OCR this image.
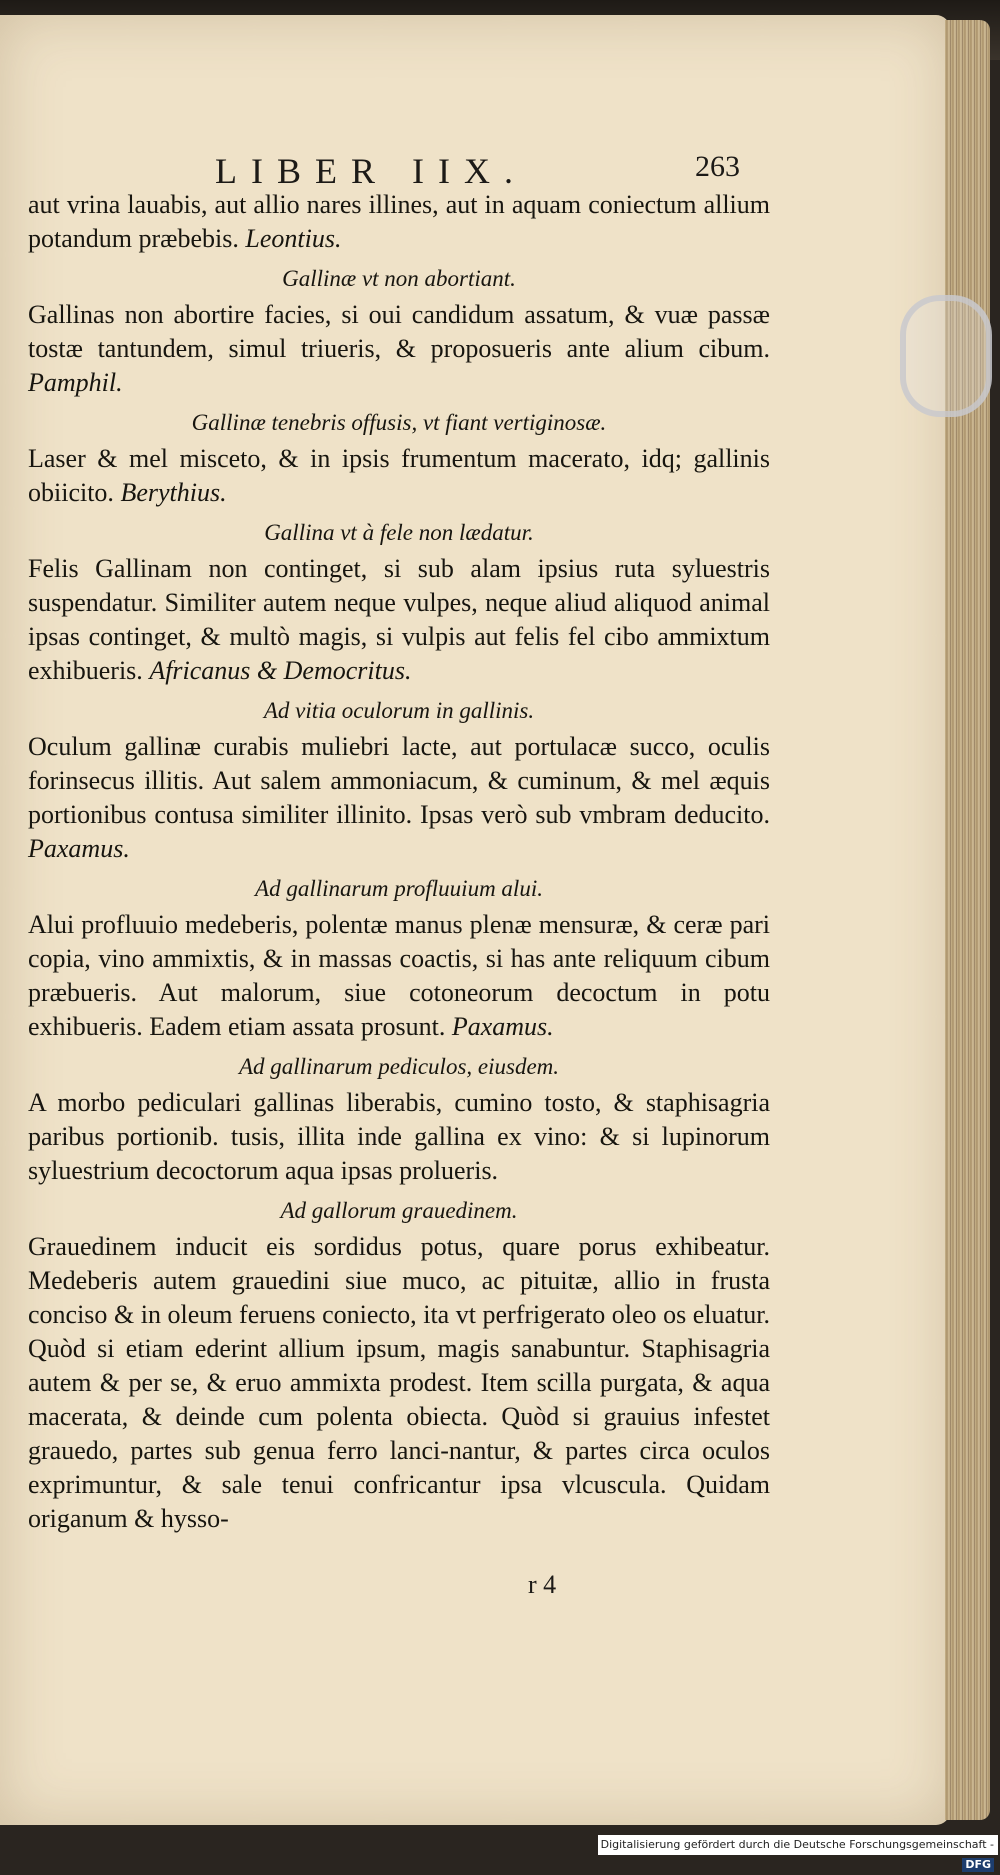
LIBER IIX.	263
aut vrina lauabis, aut allio nares illines, aut in aquam coniectum allium potandum præbebis. Leontius.
Gallinæ vt non abortiant.
Gallinas non abortire facies, si oui candidum assatum, & vuæ passæ tostæ tantundem, simul triueris, & proposueris ante alium cibum. Pamphil.
Gallinæ tenebris offusis, vt fiant vertiginosæ.
Laser & mel misceto, & in ipsis frumentum macerato, idq; gallinis obiicito. Berythius.
Gallina vt à fele non lædatur.
Felis Gallinam non continget, si sub alam ipsius ruta syluestris suspendatur. Similiter autem neque vulpes, neque aliud aliquod animal ipsas continget, & multò magis, si vulpis aut felis fel cibo ammixtum exhibueris. Africanus & Democritus.
Ad vitia oculorum in gallinis.
Oculum gallinæ curabis muliebri lacte, aut portulacæ succo, oculis forinsecus illitis. Aut salem ammoniacum, & cuminum, & mel æquis portionibus contusa similiter illinito. Ipsas verò sub vmbram deducito. Paxamus.
Ad gallinarum profluuium alui.
Alui profluuio medeberis, polentæ manus plenæ mensuræ, & ceræ pari copia, vino ammixtis, & in massas coactis, si has ante reliquum cibum præbueris. Aut malorum, siue cotoneorum decoctum in potu exhibueris. Eadem etiam assata prosunt. Paxamus.
Ad gallinarum pediculos, eiusdem.
A morbo pediculari gallinas liberabis, cumino tosto, & staphisagria paribus portionib. tusis, illita inde gallina ex vino: & si lupinorum syluestrium decoctorum aqua ipsas prolueris.
Ad gallorum grauedinem.
Grauedinem inducit eis sordidus potus, quare porus exhibeatur. Medeberis autem grauedini siue muco, ac pituitæ, allio in frusta conciso & in oleum feruens coniecto, ita vt perfrigerato oleo os eluatur. Quòd si etiam ederint allium ipsum, magis sanabuntur. Staphisagria autem & per se, & eruo ammixta prodest. Item scilla purgata, & aqua macerata, & deinde cum polenta obiecta. Quòd si grauius infestet grauedo, partes sub genua ferro lanci-nantur, & partes circa oculos exprimuntur, & sale tenui confricantur ipsa vlcuscula. Quidam origanum & hysso-
r 4
Digitalisierung gefördert durch die Deutsche Forschungsgemeinschaft -DFG
